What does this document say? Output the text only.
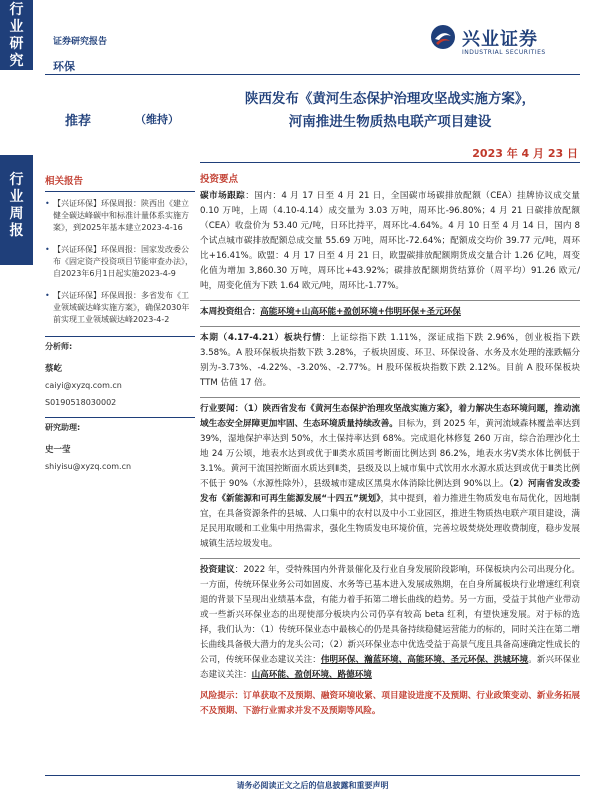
行
业
研
究
行
业
周
报
证券研究报告
环保
兴业证券
INDUSTRIAL SECURITIES
陕西发布《黄河生态保护治理攻坚战实施方案》，
河南推进生物质热电联产项目建设
推荐	（维持）
2023 年 4 月 23 日
相关报告
• 【兴证环保】环保周报：陕西出《建立健全碳达峰碳中和标准计量体系实施方案》，到2025年基本建立2023-4-16
• 【兴证环保】环保周报：国家发改委公布《固定资产投资项目节能审查办法》，自2023年6月1日起实施2023-4-9
• 【兴证环保】环保周报：多省发布《工业领域碳达峰实施方案》，确保2030年前实现工业领域碳达峰2023-4-2
分析师:
蔡屹
caiyi@xyzq.com.cn
S0190518030002
研究助理:
史一莹
shiyisu@xyzq.com.cn
投资要点

碳市场跟踪：国内：4 月 17 日至 4 月 21 日，全国碳市场碳排放配额（CEA）挂牌协议成交量 0.10 万吨，上周（4.10-4.14）成交量为 3.03 万吨，周环比-96.80%；4 月 21 日碳排放配额（CEA）收盘价为 53.40 元/吨，日环比持平，周环比-4.64%。4 月 10 日至 4 月 14 日，国内 8 个试点城市碳排放配额总成交量 55.69 万吨，周环比-72.64%；配额成交均价 39.77 元/吨，周环比+16.41%。欧盟：4 月 17 日至 4 月 21 日，欧盟碳排放配额期货成交量合计 1.26 亿吨，周变化值为增加 3,860.30 万吨，周环比+43.92%；碳排放配额期货结算价（周平均）91.26 欧元/吨，周变化值为下跌 1.64 欧元/吨，周环比-1.77%。

本周投资组合：高能环境+山高环能+盈创环境+伟明环保+圣元环保

本期（4.17-4.21）板块行情：上证综指下跌 1.11%，深证成指下跌 2.96%，创业板指下跌 3.58%。A 股环保板块指数下跌 3.28%，子板块固废、环卫、环保设备、水务及水处理的涨跌幅分别为-3.73%、-4.22%、-3.20%、-2.77%。H 股环保板块指数下跌 2.12%。目前 A 股环保板块 TTM 估值 17 倍。

行业要闻：（1）陕西省发布《黄河生态保护治理攻坚战实施方案》，着力解决生态环境问题，推动流域生态安全屏障更加牢固、生态环境质量持续改善。目标为，到 2025 年，黄河流域森林覆盖率达到 39%，湿地保护率达到 50%，水土保持率达到 68%。完成退化林修复 260 万亩，综合治理沙化土地 24 万公顷，地表水达到或优于Ⅲ类水质国考断面比例达到 86.2%，地表水劣Ⅴ类水体比例低于 3.1%。黄河干流国控断面水质达到Ⅱ类，县级及以上城市集中式饮用水水源水质达到或优于Ⅲ类比例不低于 90%（水源性除外），县级城市建成区黑臭水体消除比例达到 90%以上。（2）河南省发改委发布《新能源和可再生能源发展“十四五”规划》，其中提到，着力推进生物质发电布局优化，因地制宜，在具备资源条件的县城、人口集中的农村以及中小工业园区，推进生物质热电联产项目建设，满足民用取暖和工业集中用热需求，强化生物质发电环境价值，完善垃圾焚烧处理收费制度，稳步发展城镇生活垃圾发电。

投资建议：2022 年，受特殊国内外背景催化及行业自身发展阶段影响，环保板块内公司出现分化。一方面，传统环保业务公司如固废、水务等已基本进入发展成熟期，在自身所属板块行业增速红利衰退的背景下呈现出业绩基本盘，有能力着手拓第二增长曲线的趋势。另一方面，受益于其他产业带动或一些新兴环保业态的出现使部分板块内公司仍享有较高 beta 红利，有望快速发展。对于标的选择，我们认为：（1）传统环保业态中最核心的仍是具备持续稳健运营能力的标的，同时关注在第二增长曲线具备极大潜力的龙头公司；（2）新兴环保业态中优选受益于高景气度且具备高速确定性成长的公司，传统环保业态建议关注：伟明环保、瀚蓝环境、高能环境、圣元环保、洪城环境。新兴环保业态建议关注：山高环能、盈创环境、路德环境

风险提示：订单获取不及预期、融资环境收紧、项目建设进度不及预期、行业政策变动、新业务拓展不及预期、下游行业需求并发不及预期等风险。
请务必阅读正文之后的信息披露和重要声明
